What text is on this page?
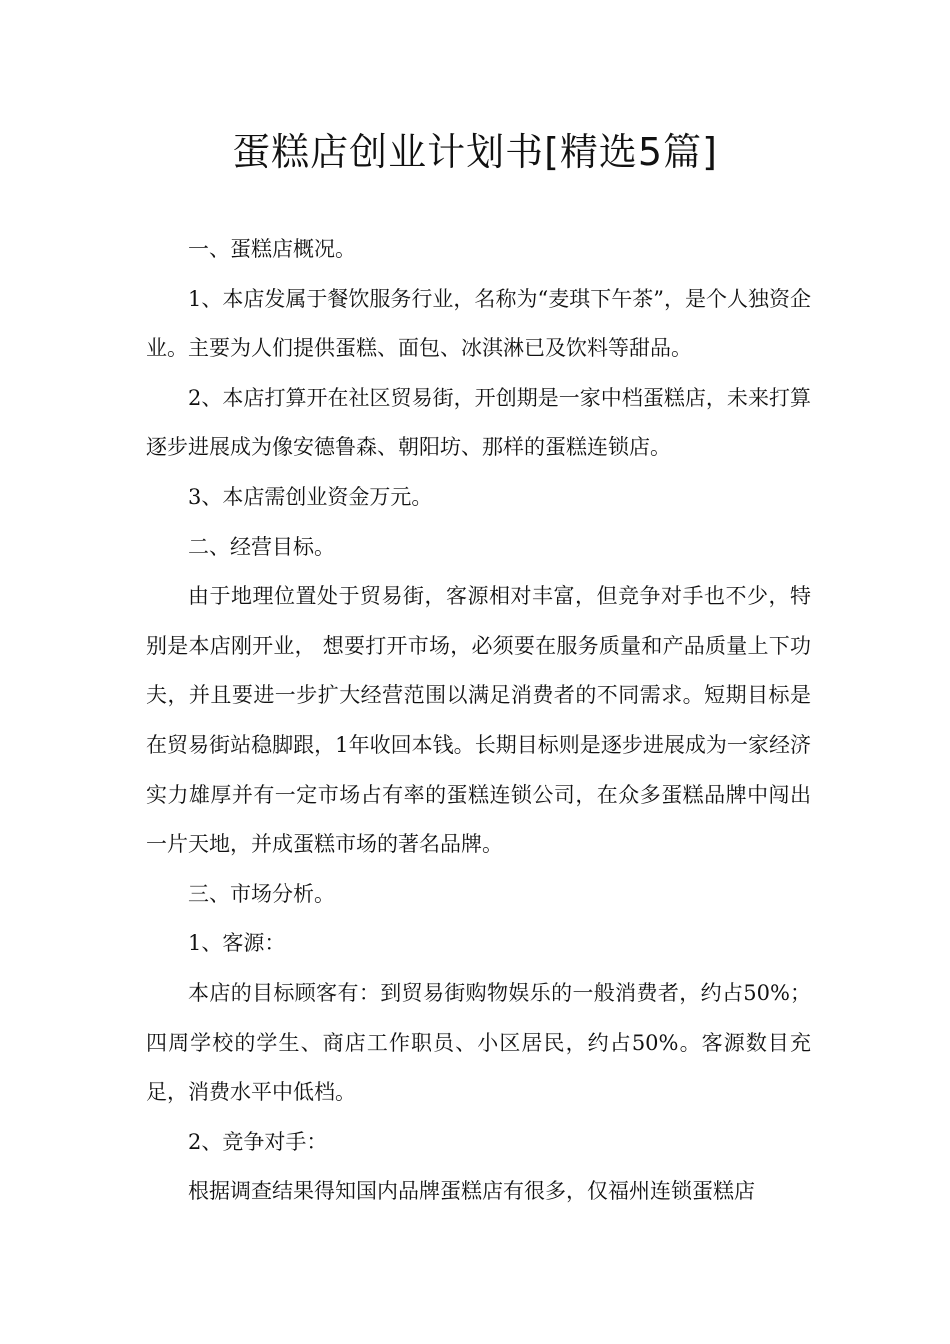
蛋糕店创业计划书[精选5篇]

一、蛋糕店概况。

1、本店发属于餐饮服务行业，名称为“麦琪下午茶”，是个人独资企业。主要为人们提供蛋糕、面包、冰淇淋已及饮料等甜品。

2、本店打算开在社区贸易街，开创期是一家中档蛋糕店，未来打算逐步进展成为像安德鲁森、朝阳坊、那样的蛋糕连锁店。

3、本店需创业资金万元。

二、经营目标。

由于地理位置处于贸易街，客源相对丰富，但竞争对手也不少，特别是本店刚开业， 想要打开市场，必须要在服务质量和产品质量上下功夫，并且要进一步扩大经营范围以满足消费者的不同需求。短期目标是在贸易街站稳脚跟，1年收回本钱。长期目标则是逐步进展成为一家经济实力雄厚并有一定市场占有率的蛋糕连锁公司，在众多蛋糕品牌中闯出一片天地，并成蛋糕市场的著名品牌。

三、市场分析。

1、客源：

本店的目标顾客有：到贸易街购物娱乐的一般消费者，约占50%；四周学校的学生、商店工作职员、小区居民，约占50%。客源数目充足，消费水平中低档。

2、竞争对手：

根据调查结果得知国内品牌蛋糕店有很多，仅福州连锁蛋糕店
